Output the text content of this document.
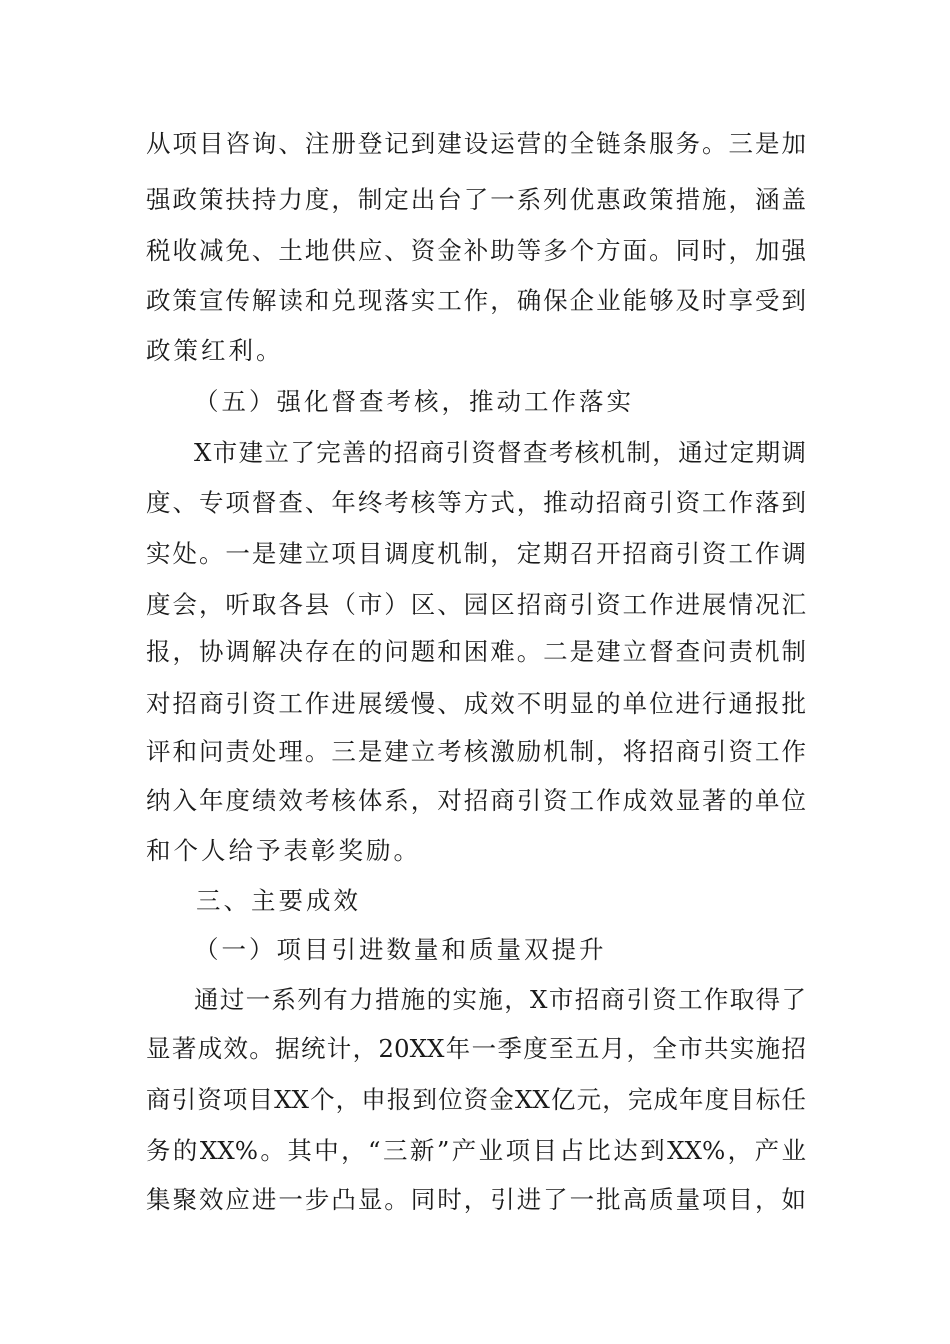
从项目咨询、注册登记到建设运营的全链条服务。三是加
强政策扶持力度，制定出台了一系列优惠政策措施，涵盖
税收减免、土地供应、资金补助等多个方面。同时，加强
政策宣传解读和兑现落实工作，确保企业能够及时享受到
政策红利。
（五）强化督查考核，推动工作落实
X市建立了完善的招商引资督查考核机制，通过定期调
度、专项督查、年终考核等方式，推动招商引资工作落到
实处。一是建立项目调度机制，定期召开招商引资工作调
度会，听取各县（市）区、园区招商引资工作进展情况汇
报，协调解决存在的问题和困难。二是建立督查问责机制
对招商引资工作进展缓慢、成效不明显的单位进行通报批
评和问责处理。三是建立考核激励机制，将招商引资工作
纳入年度绩效考核体系，对招商引资工作成效显著的单位
和个人给予表彰奖励。
三、主要成效
（一）项目引进数量和质量双提升
通过一系列有力措施的实施，X市招商引资工作取得了
显著成效。据统计，20XX年一季度至五月，全市共实施招
商引资项目XX个，申报到位资金XX亿元，完成年度目标任
务的XX%。其中，“三新”产业项目占比达到XX%，产业
集聚效应进一步凸显。同时，引进了一批高质量项目，如
